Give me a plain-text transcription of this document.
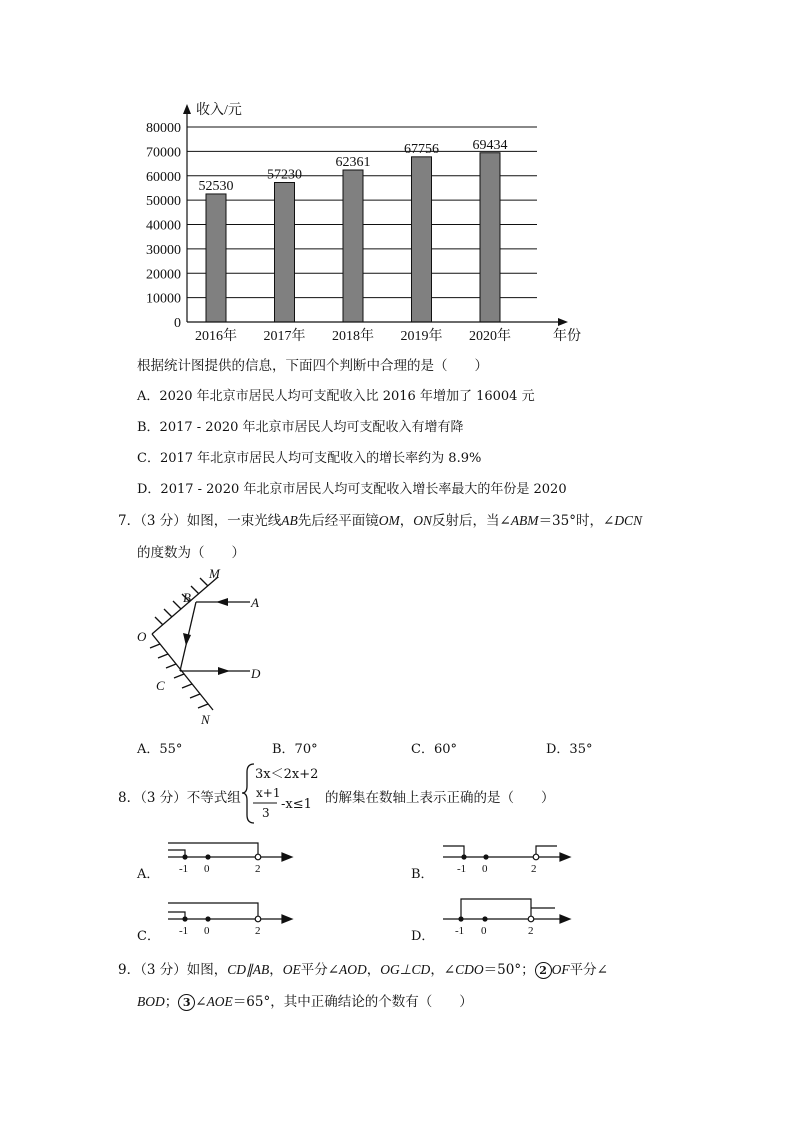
0
10000
20000
30000
40000
50000
60000
70000
80000
52530
2016年
57230
2017年
62361
2018年
67756
2019年
69434
2020年
收入/元
年份
根据统计图提供的信息，下面四个判断中合理的是（　　）
A．2020 年北京市居民人均可支配收入比 2016 年增加了 16004 元
B．2017 - 2020 年北京市居民人均可支配收入有增有降
C．2017 年北京市居民人均可支配收入的增长率约为 8.9%
D．2017 - 2020 年北京市居民人均可支配收入增长率最大的年份是 2020
7．（3 分）如图，一束光线AB先后经平面镜OM，ON反射后，当∠ABM＝35°时，∠DCN
的度数为（　　）
M
B	A
O
C
D
N
A．55°	B．70°	C．60°	D．35°
8．（3 分）不等式组
3x＜2x+2
x+1
3
-x≤1 的解集在数轴上表示正确的是（　　）
-1 0	2	-1 0	2
-1 0	2	-1 0	2
A．	B．
C．	D．
9．（3 分）如图，CD∥AB，OE平分∠AOD，OG⊥CD，∠CDO＝50°； 2 OF平分∠
BOD； 3 ∠AOE＝65°，其中正确结论的个数有（　　）
